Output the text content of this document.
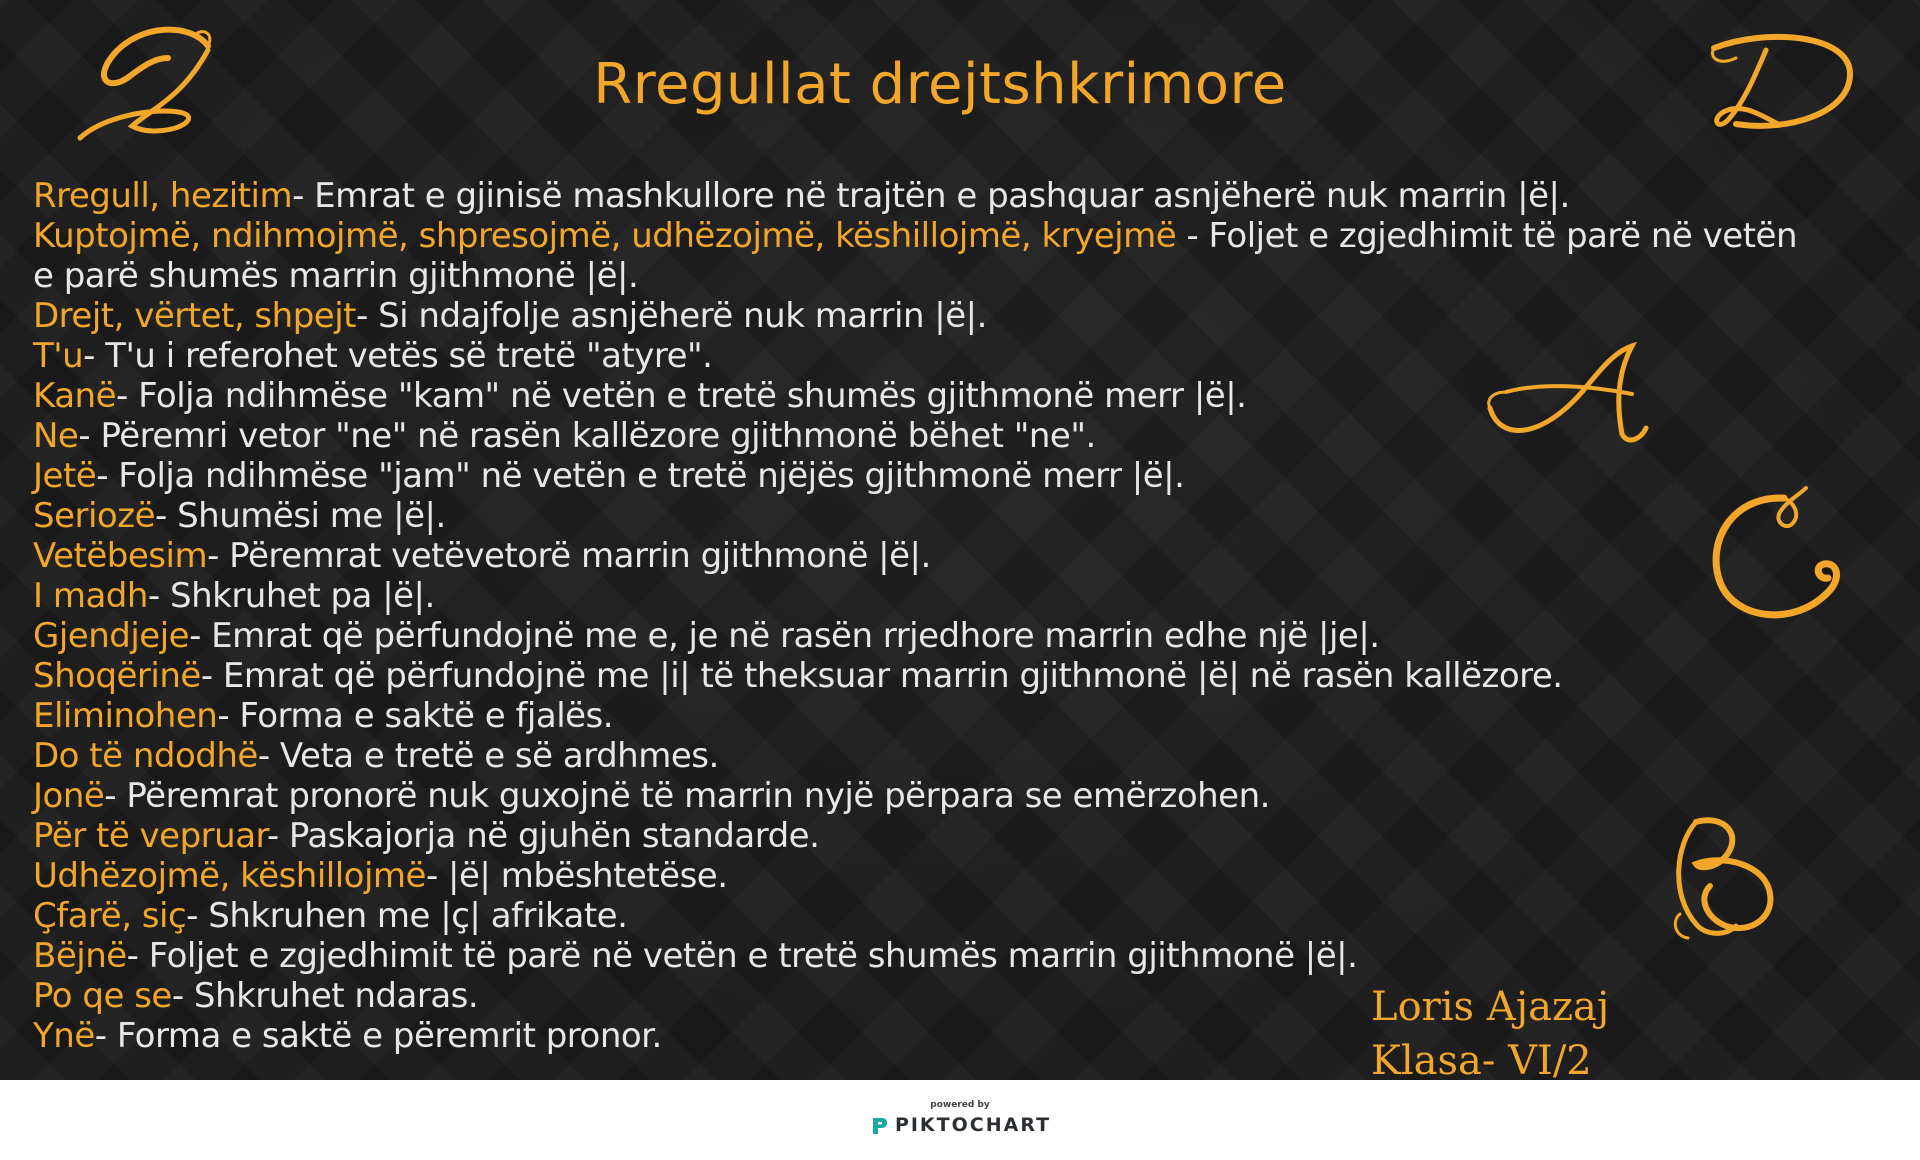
Rregullat drejtshkrimore
Rregull, hezitim- Emrat e gjinisë mashkullore në trajtën e pashquar asnjëherë nuk marrin |ë|.
Kuptojmë, ndihmojmë, shpresojmë, udhëzojmë, këshillojmë, kryejmë - Foljet e zgjedhimit të parë në vetën e parë shumës marrin gjithmonë |ë|.
Drejt, vërtet, shpejt- Si ndajfolje asnjëherë nuk marrin |ë|.
T'u- T'u i referohet vetës së tretë "atyre".
Kanë- Folja ndihmëse "kam" në vetën e tretë shumës gjithmonë merr |ë|.
Ne- Përemri vetor "ne" në rasën kallëzore gjithmonë bëhet "ne".
Jetë- Folja ndihmëse "jam" në vetën e tretë njëjës gjithmonë merr |ë|.
Seriozë- Shumësi me |ë|.
Vetëbesim- Përemrat vetëvetorë marrin gjithmonë |ë|.
I madh- Shkruhet pa |ë|.
Gjendjeje- Emrat që përfundojnë me e, je në rasën rrjedhore marrin edhe një |je|.
Shoqërinë- Emrat që përfundojnë me |i| të theksuar marrin gjithmonë |ë| në rasën kallëzore.
Eliminohen- Forma e saktë e fjalës.
Do të ndodhë- Veta e tretë e së ardhmes.
Jonë- Përemrat pronorë nuk guxojnë të marrin nyjë përpara se emërzohen.
Për të vepruar- Paskajorja në gjuhën standarde.
Udhëzojmë, këshillojmë- |ë| mbështetëse.
Çfarë, siç- Shkruhen me |ç| afrikate.
Bëjnë- Foljet e zgjedhimit të parë në vetën e tretë shumës marrin gjithmonë |ë|.
Po qe se- Shkruhet ndaras.
Ynë- Forma e saktë e përemrit pronor.
Loris Ajazaj
Klasa- VI/2
powered by
PIKTOCHART
